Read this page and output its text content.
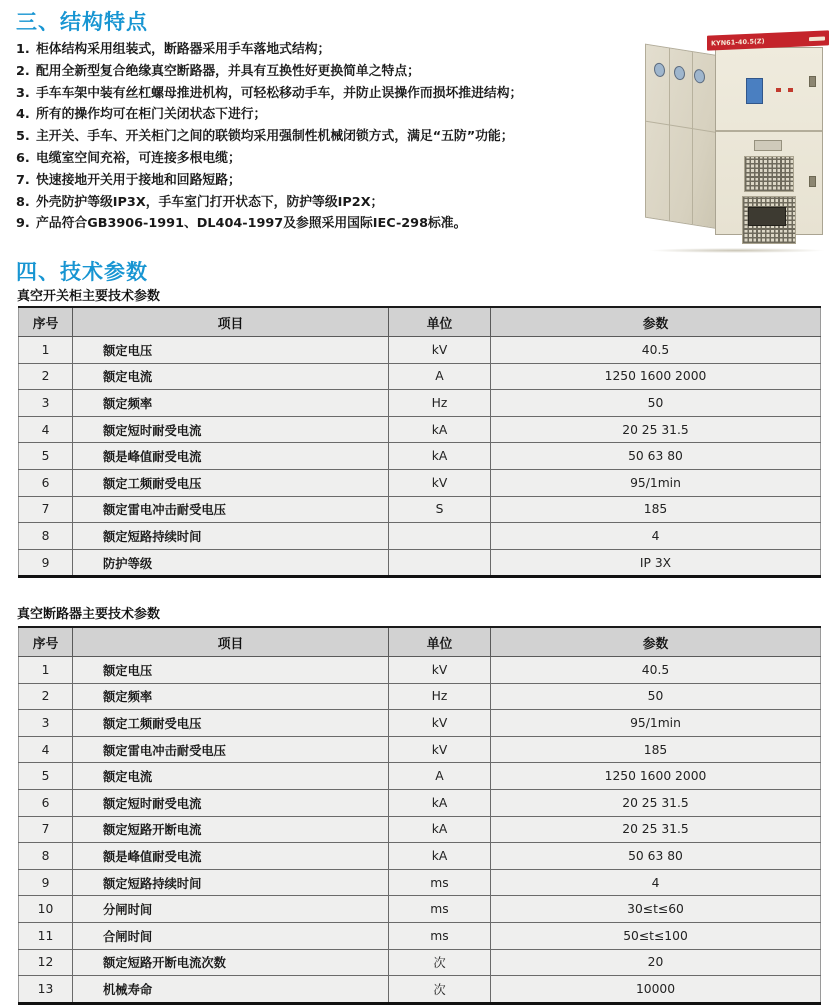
三、结构特点
1. 柜体结构采用组装式，断路器采用手车落地式结构；
2. 配用全新型复合绝缘真空断路器，并具有互换性好更换简单之特点；
3. 手车车架中装有丝杠螺母推进机构，可轻松移动手车，并防止误操作而损坏推进结构；
4. 所有的操作均可在柜门关闭状态下进行；
5. 主开关、手车、开关柜门之间的联锁均采用强制性机械闭锁方式，满足“五防”功能；
6. 电缆室空间充裕，可连接多根电缆；
7. 快速接地开关用于接地和回路短路；
8. 外壳防护等级IP3X，手车室门打开状态下，防护等级IP2X；
9. 产品符合GB3906-1991、DL404-1997及参照采用国际IEC-298标准。
KYN61-40.5(Z)
四、技术参数
真空开关柜主要技术参数
序号	项目	单位	参数
1	额定电压	kV	40.5
2	额定电流	A	1250 1600 2000
3	额定频率	Hz	50
4	额定短时耐受电流	kA	20 25 31.5
5	额是峰值耐受电流	kA	50 63 80
6	额定工频耐受电压	kV	95/1min
7	额定雷电冲击耐受电压	S	185
8	额定短路持续时间		4
9	防护等级		IP 3X
真空断路器主要技术参数
序号	项目	单位	参数
1	额定电压	kV	40.5
2	额定频率	Hz	50
3	额定工频耐受电压	kV	95/1min
4	额定雷电冲击耐受电压	kV	185
5	额定电流	A	1250 1600 2000
6	额定短时耐受电流	kA	20 25 31.5
7	额定短路开断电流	kA	20 25 31.5
8	额是峰值耐受电流	kA	50 63 80
9	额定短路持续时间	ms	4
10	分闸时间	ms	30≤t≤60
11	合闸时间	ms	50≤t≤100
12	额定短路开断电流次数	次	20
13	机械寿命	次	10000
